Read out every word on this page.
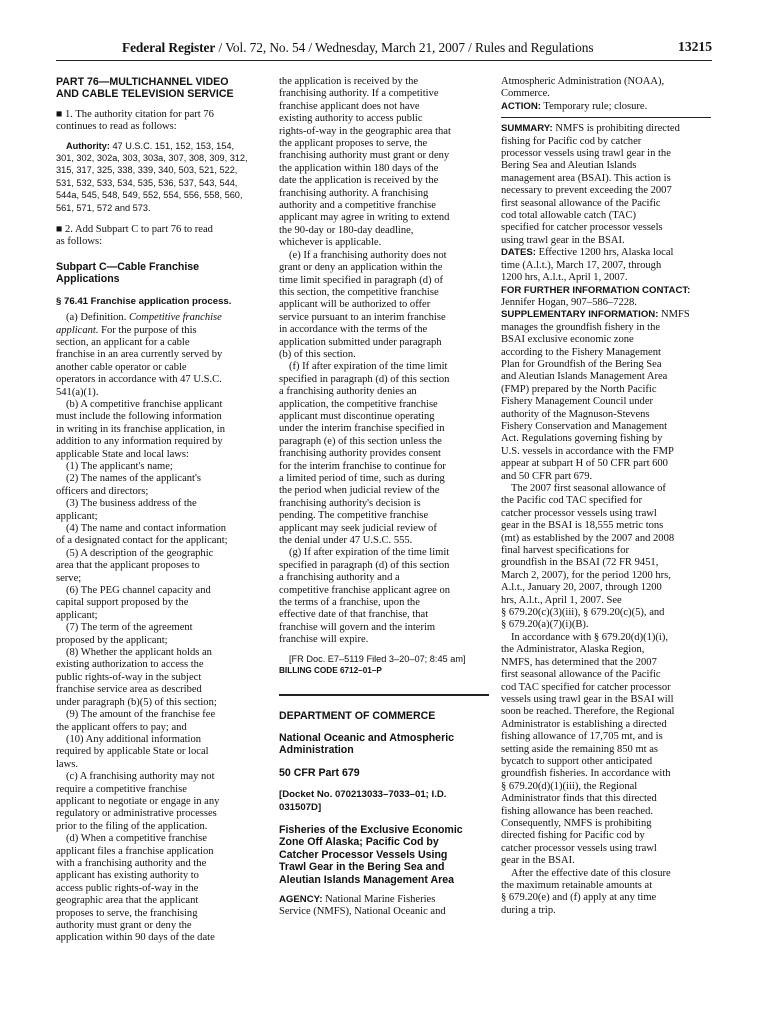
Federal Register / Vol. 72, No. 54 / Wednesday, March 21, 2007 / Rules and Regulations	13215
PART 76—MULTICHANNEL VIDEO
AND CABLE TELEVISION SERVICE
■ 1. The authority citation for part 76
continues to read as follows:
Authority: 47 U.S.C. 151, 152, 153, 154,
301, 302, 302a, 303, 303a, 307, 308, 309, 312,
315, 317, 325, 338, 339, 340, 503, 521, 522,
531, 532, 533, 534, 535, 536, 537, 543, 544,
544a, 545, 548, 549, 552, 554, 556, 558, 560,
561, 571, 572 and 573.
■ 2. Add Subpart C to part 76 to read
as follows:
Subpart C—Cable Franchise
Applications
§ 76.41 Franchise application process.
(a) Definition. Competitive franchise
applicant. For the purpose of this
section, an applicant for a cable
franchise in an area currently served by
another cable operator or cable
operators in accordance with 47 U.S.C.
541(a)(1).
(b) A competitive franchise applicant
must include the following information
in writing in its franchise application, in
addition to any information required by
applicable State and local laws:
(1) The applicant's name;
(2) The names of the applicant's
officers and directors;
(3) The business address of the
applicant;
(4) The name and contact information
of a designated contact for the applicant;
(5) A description of the geographic
area that the applicant proposes to
serve;
(6) The PEG channel capacity and
capital support proposed by the
applicant;
(7) The term of the agreement
proposed by the applicant;
(8) Whether the applicant holds an
existing authorization to access the
public rights-of-way in the subject
franchise service area as described
under paragraph (b)(5) of this section;
(9) The amount of the franchise fee
the applicant offers to pay; and
(10) Any additional information
required by applicable State or local
laws.
(c) A franchising authority may not
require a competitive franchise
applicant to negotiate or engage in any
regulatory or administrative processes
prior to the filing of the application.
(d) When a competitive franchise
applicant files a franchise application
with a franchising authority and the
applicant has existing authority to
access public rights-of-way in the
geographic area that the applicant
proposes to serve, the franchising
authority must grant or deny the
application within 90 days of the date
the application is received by the
franchising authority. If a competitive
franchise applicant does not have
existing authority to access public
rights-of-way in the geographic area that
the applicant proposes to serve, the
franchising authority must grant or deny
the application within 180 days of the
date the application is received by the
franchising authority. A franchising
authority and a competitive franchise
applicant may agree in writing to extend
the 90-day or 180-day deadline,
whichever is applicable.
(e) If a franchising authority does not
grant or deny an application within the
time limit specified in paragraph (d) of
this section, the competitive franchise
applicant will be authorized to offer
service pursuant to an interim franchise
in accordance with the terms of the
application submitted under paragraph
(b) of this section.
(f) If after expiration of the time limit
specified in paragraph (d) of this section
a franchising authority denies an
application, the competitive franchise
applicant must discontinue operating
under the interim franchise specified in
paragraph (e) of this section unless the
franchising authority provides consent
for the interim franchise to continue for
a limited period of time, such as during
the period when judicial review of the
franchising authority's decision is
pending. The competitive franchise
applicant may seek judicial review of
the denial under 47 U.S.C. 555.
(g) If after expiration of the time limit
specified in paragraph (d) of this section
a franchising authority and a
competitive franchise applicant agree on
the terms of a franchise, upon the
effective date of that franchise, that
franchise will govern and the interim
franchise will expire.
[FR Doc. E7–5119 Filed 3–20–07; 8:45 am]
BILLING CODE 6712–01–P
DEPARTMENT OF COMMERCE
National Oceanic and Atmospheric
Administration
50 CFR Part 679
[Docket No. 070213033–7033–01; I.D.
031507D]
Fisheries of the Exclusive Economic
Zone Off Alaska; Pacific Cod by
Catcher Processor Vessels Using
Trawl Gear in the Bering Sea and
Aleutian Islands Management Area
AGENCY: National Marine Fisheries
Service (NMFS), National Oceanic and
Atmospheric Administration (NOAA),
Commerce.
ACTION: Temporary rule; closure.
SUMMARY: NMFS is prohibiting directed
fishing for Pacific cod by catcher
processor vessels using trawl gear in the
Bering Sea and Aleutian Islands
management area (BSAI). This action is
necessary to prevent exceeding the 2007
first seasonal allowance of the Pacific
cod total allowable catch (TAC)
specified for catcher processor vessels
using trawl gear in the BSAI.
DATES: Effective 1200 hrs, Alaska local
time (A.l.t.), March 17, 2007, through
1200 hrs, A.l.t., April 1, 2007.
FOR FURTHER INFORMATION CONTACT:
Jennifer Hogan, 907–586–7228.
SUPPLEMENTARY INFORMATION: NMFS
manages the groundfish fishery in the
BSAI exclusive economic zone
according to the Fishery Management
Plan for Groundfish of the Bering Sea
and Aleutian Islands Management Area
(FMP) prepared by the North Pacific
Fishery Management Council under
authority of the Magnuson-Stevens
Fishery Conservation and Management
Act. Regulations governing fishing by
U.S. vessels in accordance with the FMP
appear at subpart H of 50 CFR part 600
and 50 CFR part 679.
The 2007 first seasonal allowance of
the Pacific cod TAC specified for
catcher processor vessels using trawl
gear in the BSAI is 18,555 metric tons
(mt) as established by the 2007 and 2008
final harvest specifications for
groundfish in the BSAI (72 FR 9451,
March 2, 2007), for the period 1200 hrs,
A.l.t., January 20, 2007, through 1200
hrs, A.l.t., April 1, 2007. See
§ 679.20(c)(3)(iii), § 679.20(c)(5), and
§ 679.20(a)(7)(i)(B).
In accordance with § 679.20(d)(1)(i),
the Administrator, Alaska Region,
NMFS, has determined that the 2007
first seasonal allowance of the Pacific
cod TAC specified for catcher processor
vessels using trawl gear in the BSAI will
soon be reached. Therefore, the Regional
Administrator is establishing a directed
fishing allowance of 17,705 mt, and is
setting aside the remaining 850 mt as
bycatch to support other anticipated
groundfish fisheries. In accordance with
§ 679.20(d)(1)(iii), the Regional
Administrator finds that this directed
fishing allowance has been reached.
Consequently, NMFS is prohibiting
directed fishing for Pacific cod by
catcher processor vessels using trawl
gear in the BSAI.
After the effective date of this closure
the maximum retainable amounts at
§ 679.20(e) and (f) apply at any time
during a trip.
